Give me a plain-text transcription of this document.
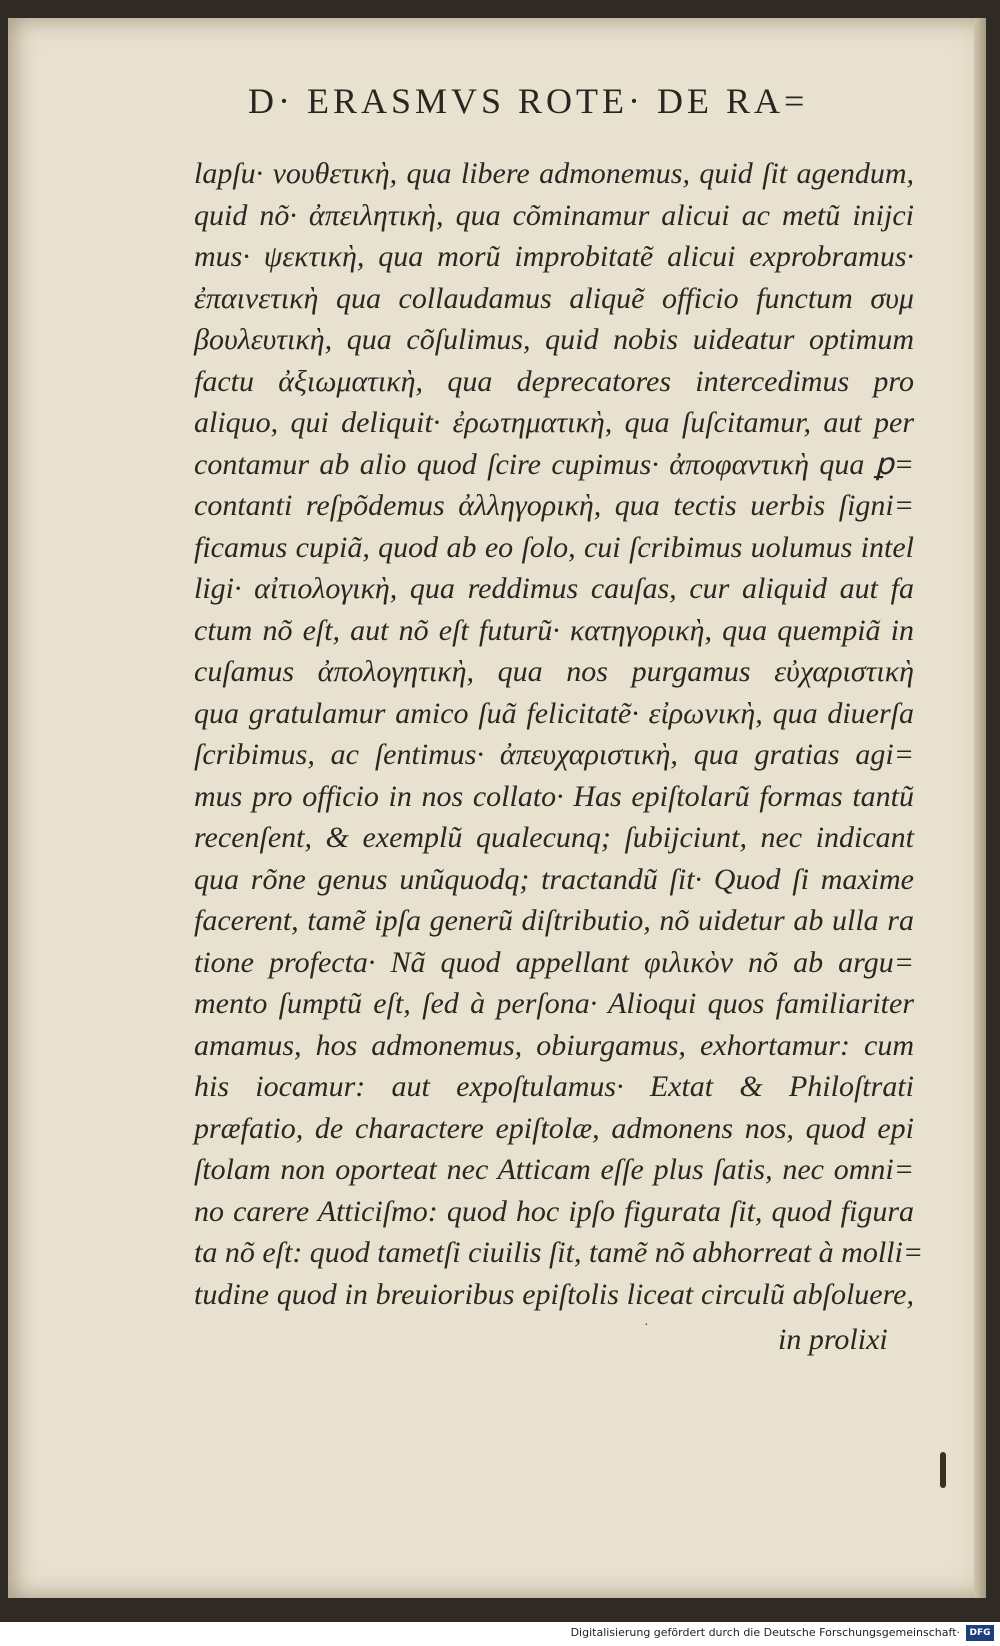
D· ERASMVS ROTE· DE RA=
lapſu· νουθετικὴ, qua libere admonemus, quid ſit agendum,
quid nõ· ἀπειλητικὴ, qua cõminamur alicui ac metũ inijci
mus· ψεκτικὴ, qua morũ improbitatẽ alicui exprobramus·
ἐπαινετικὴ qua collaudamus aliquẽ officio functum συμ
βουλευτικὴ, qua cõſulimus, quid nobis uideatur optimum
factu ἀξιωματικὴ, qua deprecatores intercedimus pro
aliquo, qui deliquit· ἐρωτηματικὴ, qua ſuſcitamur, aut per
contamur ab alio quod ſcire cupimus· ἀποφαντικὴ qua ꝑ=
contanti reſpõdemus ἀλληγορικὴ, qua tectis uerbis ſigni=
ficamus cupiã, quod ab eo ſolo, cui ſcribimus uolumus intel
ligi· αἰτιολογικὴ, qua reddimus cauſas, cur aliquid aut fa
ctum nõ eſt, aut nõ eſt futurũ· κατηγορικὴ, qua quempiã in
cuſamus ἀπολογητικὴ, qua nos purgamus εὐχαριστικὴ
qua gratulamur amico ſuã felicitatẽ· εἰρωνικὴ, qua diuerſa
ſcribimus, ac ſentimus· ἀπευχαριστικὴ, qua gratias agi=
mus pro officio in nos collato· Has epiſtolarũ formas tantũ
recenſent, & exemplũ qualecunq; ſubijciunt, nec indicant
qua rõne genus unũquodq; tractandũ ſit· Quod ſi maxime
facerent, tamẽ ipſa generũ diſtributio, nõ uidetur ab ulla ra
tione profecta· Nã quod appellant φιλικὸν nõ ab argu=
mento ſumptũ eſt, ſed à perſona· Alioqui quos familiariter
amamus, hos admonemus, obiurgamus, exhortamur: cum
his iocamur: aut expoſtulamus· Extat & Philoſtrati
præfatio, de charactere epiſtolæ, admonens nos, quod epi
ſtolam non oporteat nec Atticam eſſe plus ſatis, nec omni=
no carere Atticiſmo: quod hoc ipſo figurata ſit, quod figura
ta nõ eſt: quod tametſi ciuilis ſit, tamẽ nõ abhorreat à molli=
tudine quod in breuioribus epiſtolis liceat circulũ abſoluere,
·	in prolixi
Digitalisierung gefördert durch die Deutsche Forschungsgemeinschaft·	DFG
